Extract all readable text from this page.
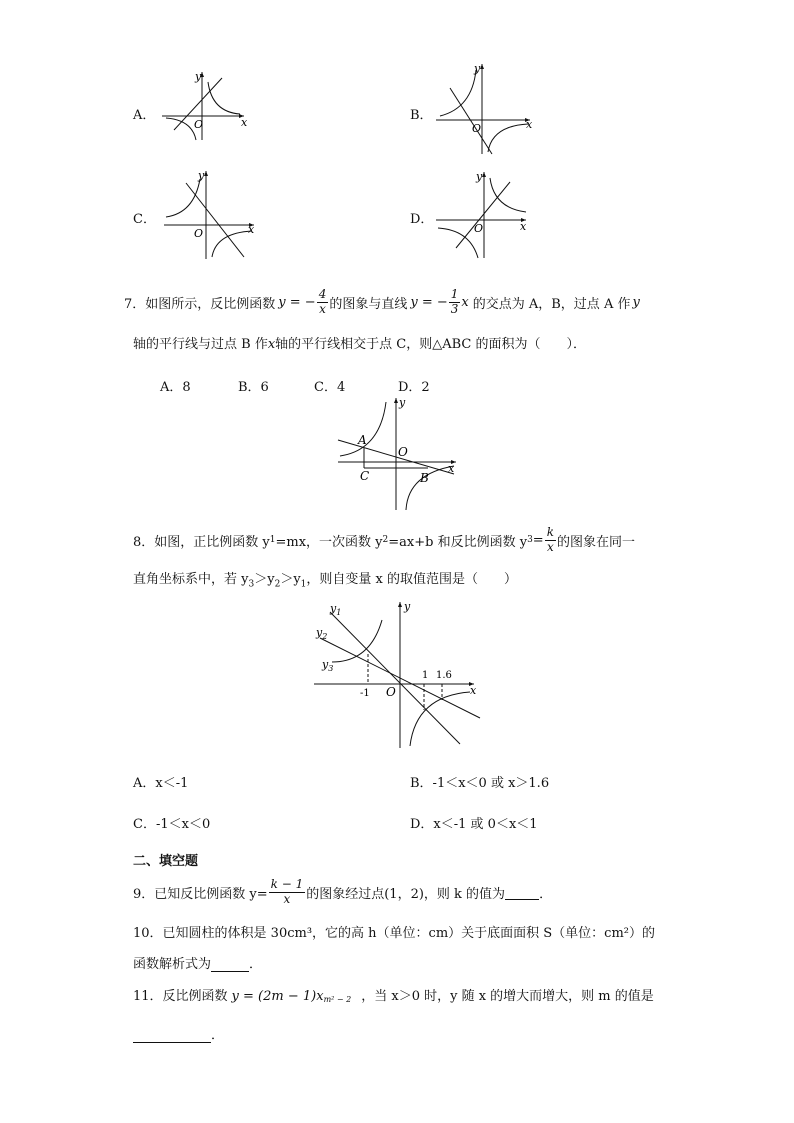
A．
O	x
y
B．
O	x
y
C．
O	x
y
D．
O	x
y
7．如图所示，反比例函数 y = − $\frac{4}{x}$ 的图象与直线 y = − $\frac{1}{3}$ x 的交点为 A，B，过点 A 作 y
轴的平行线与过点 B 作x轴的平行线相交于点 C，则△ABC 的面积为（　　）．
A．8	B．6	C．4	D．2
A
C	B
O
x
y
8．如图，正比例函数 y 1 =mx，一次函数 y 2 =ax+b 和反比例函数 y $3 = \frac{k}{x}$ 的图象在同一
直角坐标系中，若 $y_3>y_2>y_1$，则自变量 x 的取值范围是（　　）
$y_1$
$y_2$
$y_3$
y
x
O
-1
1 1.6
A．x＜-1	B．-1＜x＜0 或 x＞1.6
C．-1＜x＜0	D．x＜-1 或 0＜x＜1
二、填空题
9．已知反比例函数 $y= \frac{k - 1}{x}$ 的图象经过点(1，2)，则 k 的值为	．
10．已知圆柱的体积是 30cm³，它的高 h（单位：cm）关于底面面积 S（单位：cm²）的
函数解析式为	．
11．反比例函数 $y = (2m - 1)x_{m^2 - 2}$ ，当 x＞0 时，y 随 x 的增大而增大，则 m 的值是
．
